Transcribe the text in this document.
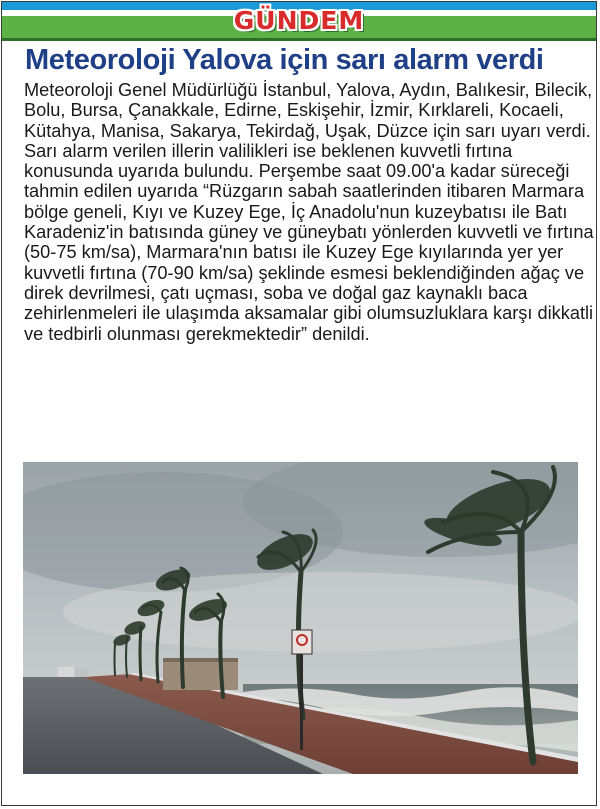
GÜNDEM
Meteoroloji Yalova için sarı alarm verdi

Meteoroloji Genel Müdürlüğü İstanbul, Yalova, Aydın, Balıkesir, Bilecik, Bolu, Bursa, Çanakkale, Edirne, Eskişehir, İzmir, Kırklareli, Kocaeli, Kütahya, Manisa, Sakarya, Tekirdağ, Uşak, Düzce için sarı uyarı verdi.

Sarı alarm verilen illerin valilikleri ise beklenen kuvvetli fırtına konusunda uyarıda bulundu. Perşembe saat 09.00'a kadar süreceği tahmin edilen uyarıda “Rüzgarın sabah saatlerinden itibaren Marmara bölge geneli, Kıyı ve Kuzey Ege, İç Anadolu'nun kuzeybatısı ile Batı Karadeniz'in batısında güney ve güneybatı yönlerden kuvvetli ve fırtına (50-75 km/sa), Marmara'nın batısı ile Kuzey Ege kıyılarında yer yer kuvvetli fırtına (70-90 km/sa) şeklinde esmesi beklendiğinden ağaç ve direk devrilmesi, çatı uçması, soba ve doğal gaz kaynaklı baca zehirlenmeleri ile ulaşımda aksamalar gibi olumsuzluklara karşı dikkatli ve tedbirli olunması gerekmektedir” denildi.
